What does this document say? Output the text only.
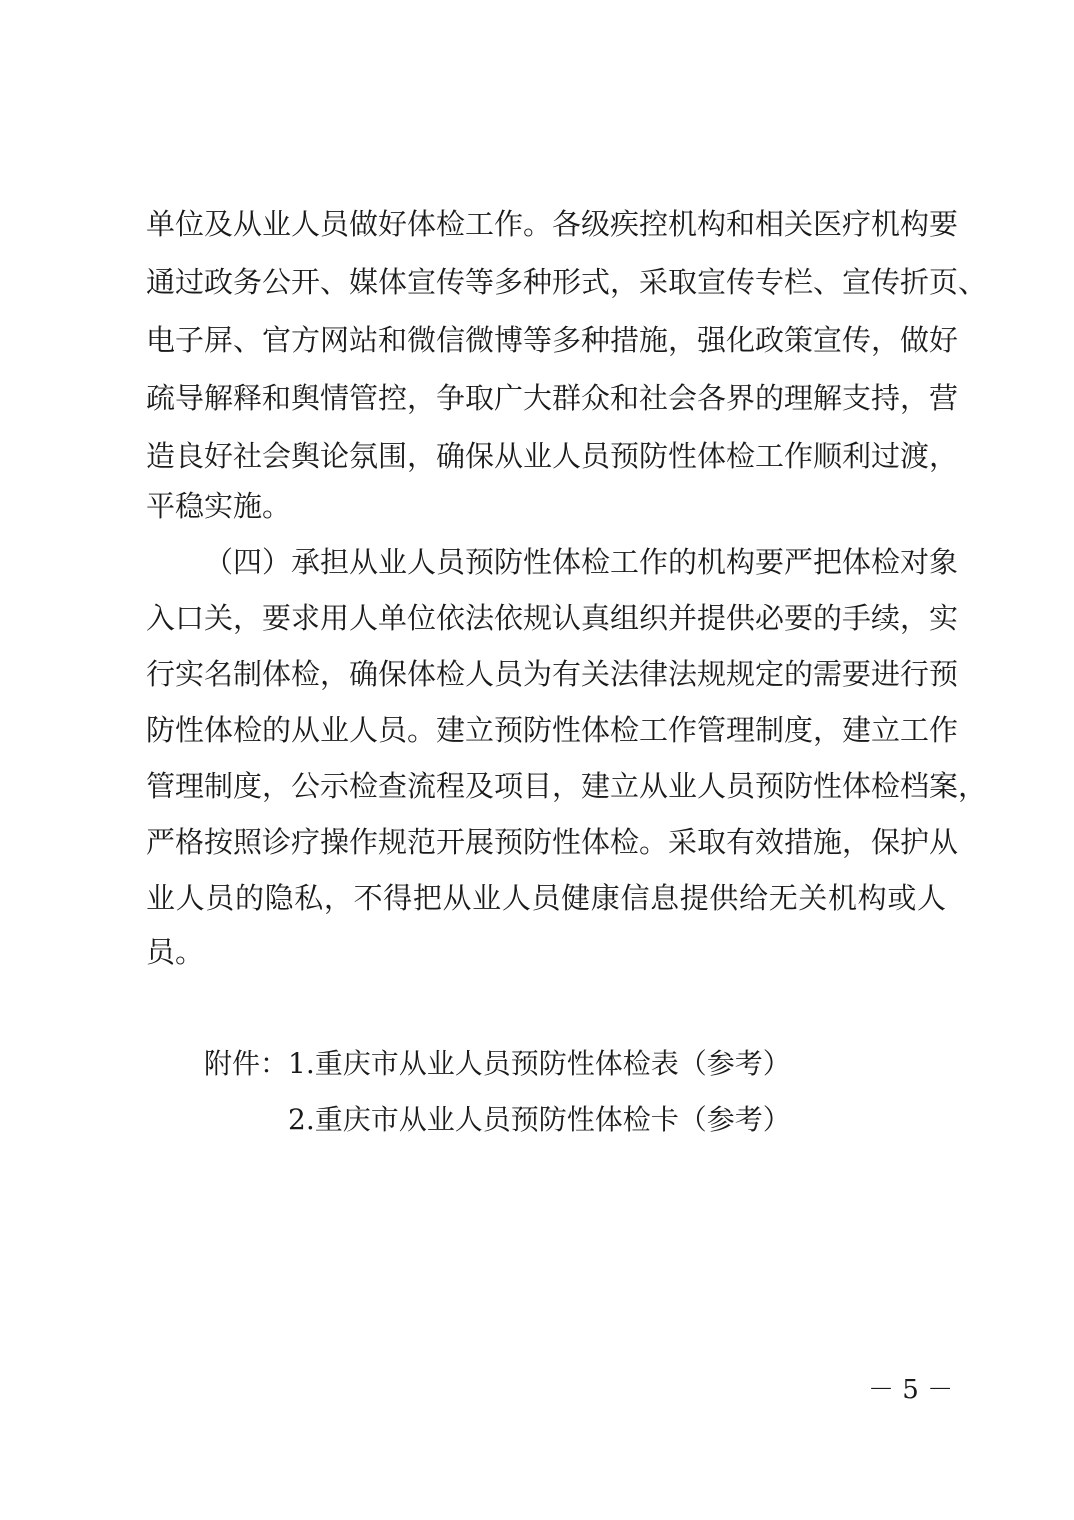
单位及从业人员做好体检工作。各级疾控机构和相关医疗机构要
通过政务公开、媒体宣传等多种形式，采取宣传专栏、宣传折页、
电子屏、官方网站和微信微博等多种措施，强化政策宣传，做好
疏导解释和舆情管控，争取广大群众和社会各界的理解支持，营
造良好社会舆论氛围，确保从业人员预防性体检工作顺利过渡，
平稳实施。
（四）承担从业人员预防性体检工作的机构要严把体检对象
入口关，要求用人单位依法依规认真组织并提供必要的手续，实
行实名制体检，确保体检人员为有关法律法规规定的需要进行预
防性体检的从业人员。建立预防性体检工作管理制度，建立工作
管理制度，公示检查流程及项目，建立从业人员预防性体检档案，
严格按照诊疗操作规范开展预防性体检。采取有效措施，保护从
业人员的隐私，不得把从业人员健康信息提供给无关机构或人
员。
附件： 1.重庆市从业人员预防性体检表（参考）
2.重庆市从业人员预防性体检卡（参考）
－ 5 －
